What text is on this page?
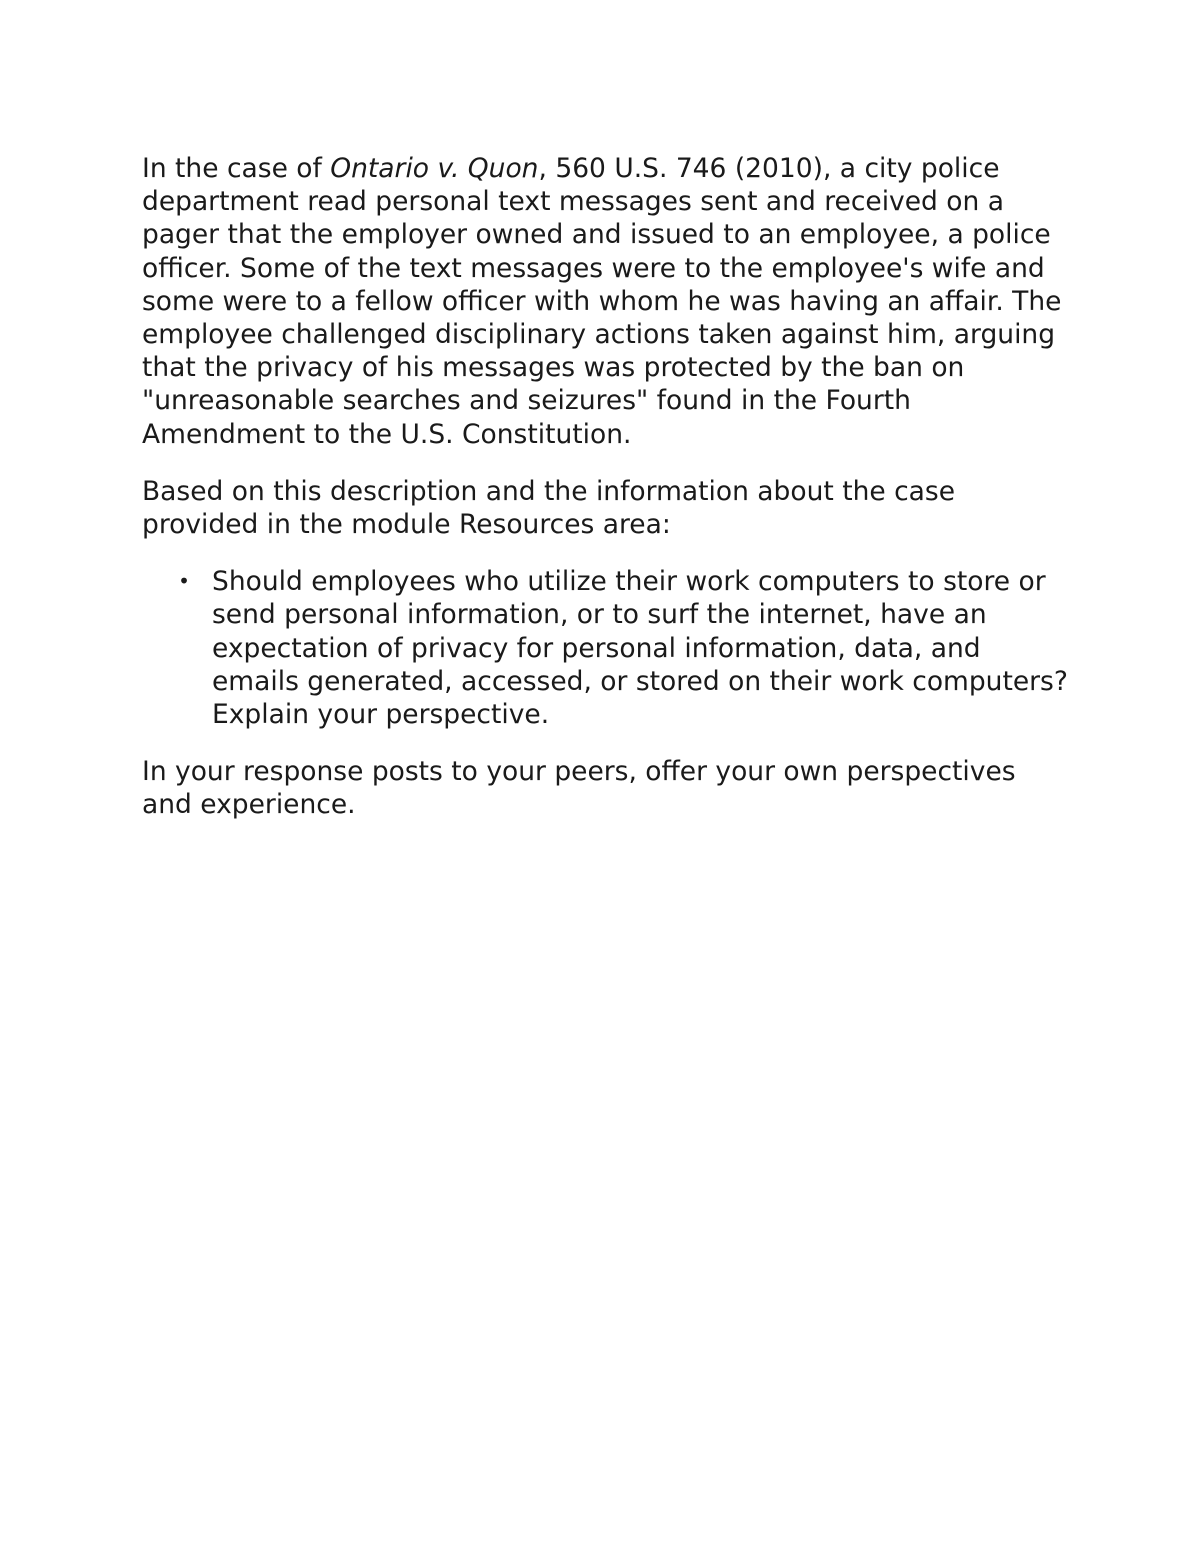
In the case of Ontario v. Quon, 560 U.S. 746 (2010), a city police department read personal text messages sent and received on a pager that the employer owned and issued to an employee, a police officer. Some of the text messages were to the employee's wife and some were to a fellow officer with whom he was having an affair. The employee challenged disciplinary actions taken against him, arguing that the privacy of his messages was protected by the ban on "unreasonable searches and seizures" found in the Fourth Amendment to the U.S. Constitution.

Based on this description and the information about the case provided in the module Resources area:

• Should employees who utilize their work computers to store or send personal information, or to surf the internet, have an expectation of privacy for personal information, data, and emails generated, accessed, or stored on their work computers? Explain your perspective.

In your response posts to your peers, offer your own perspectives and experience.
